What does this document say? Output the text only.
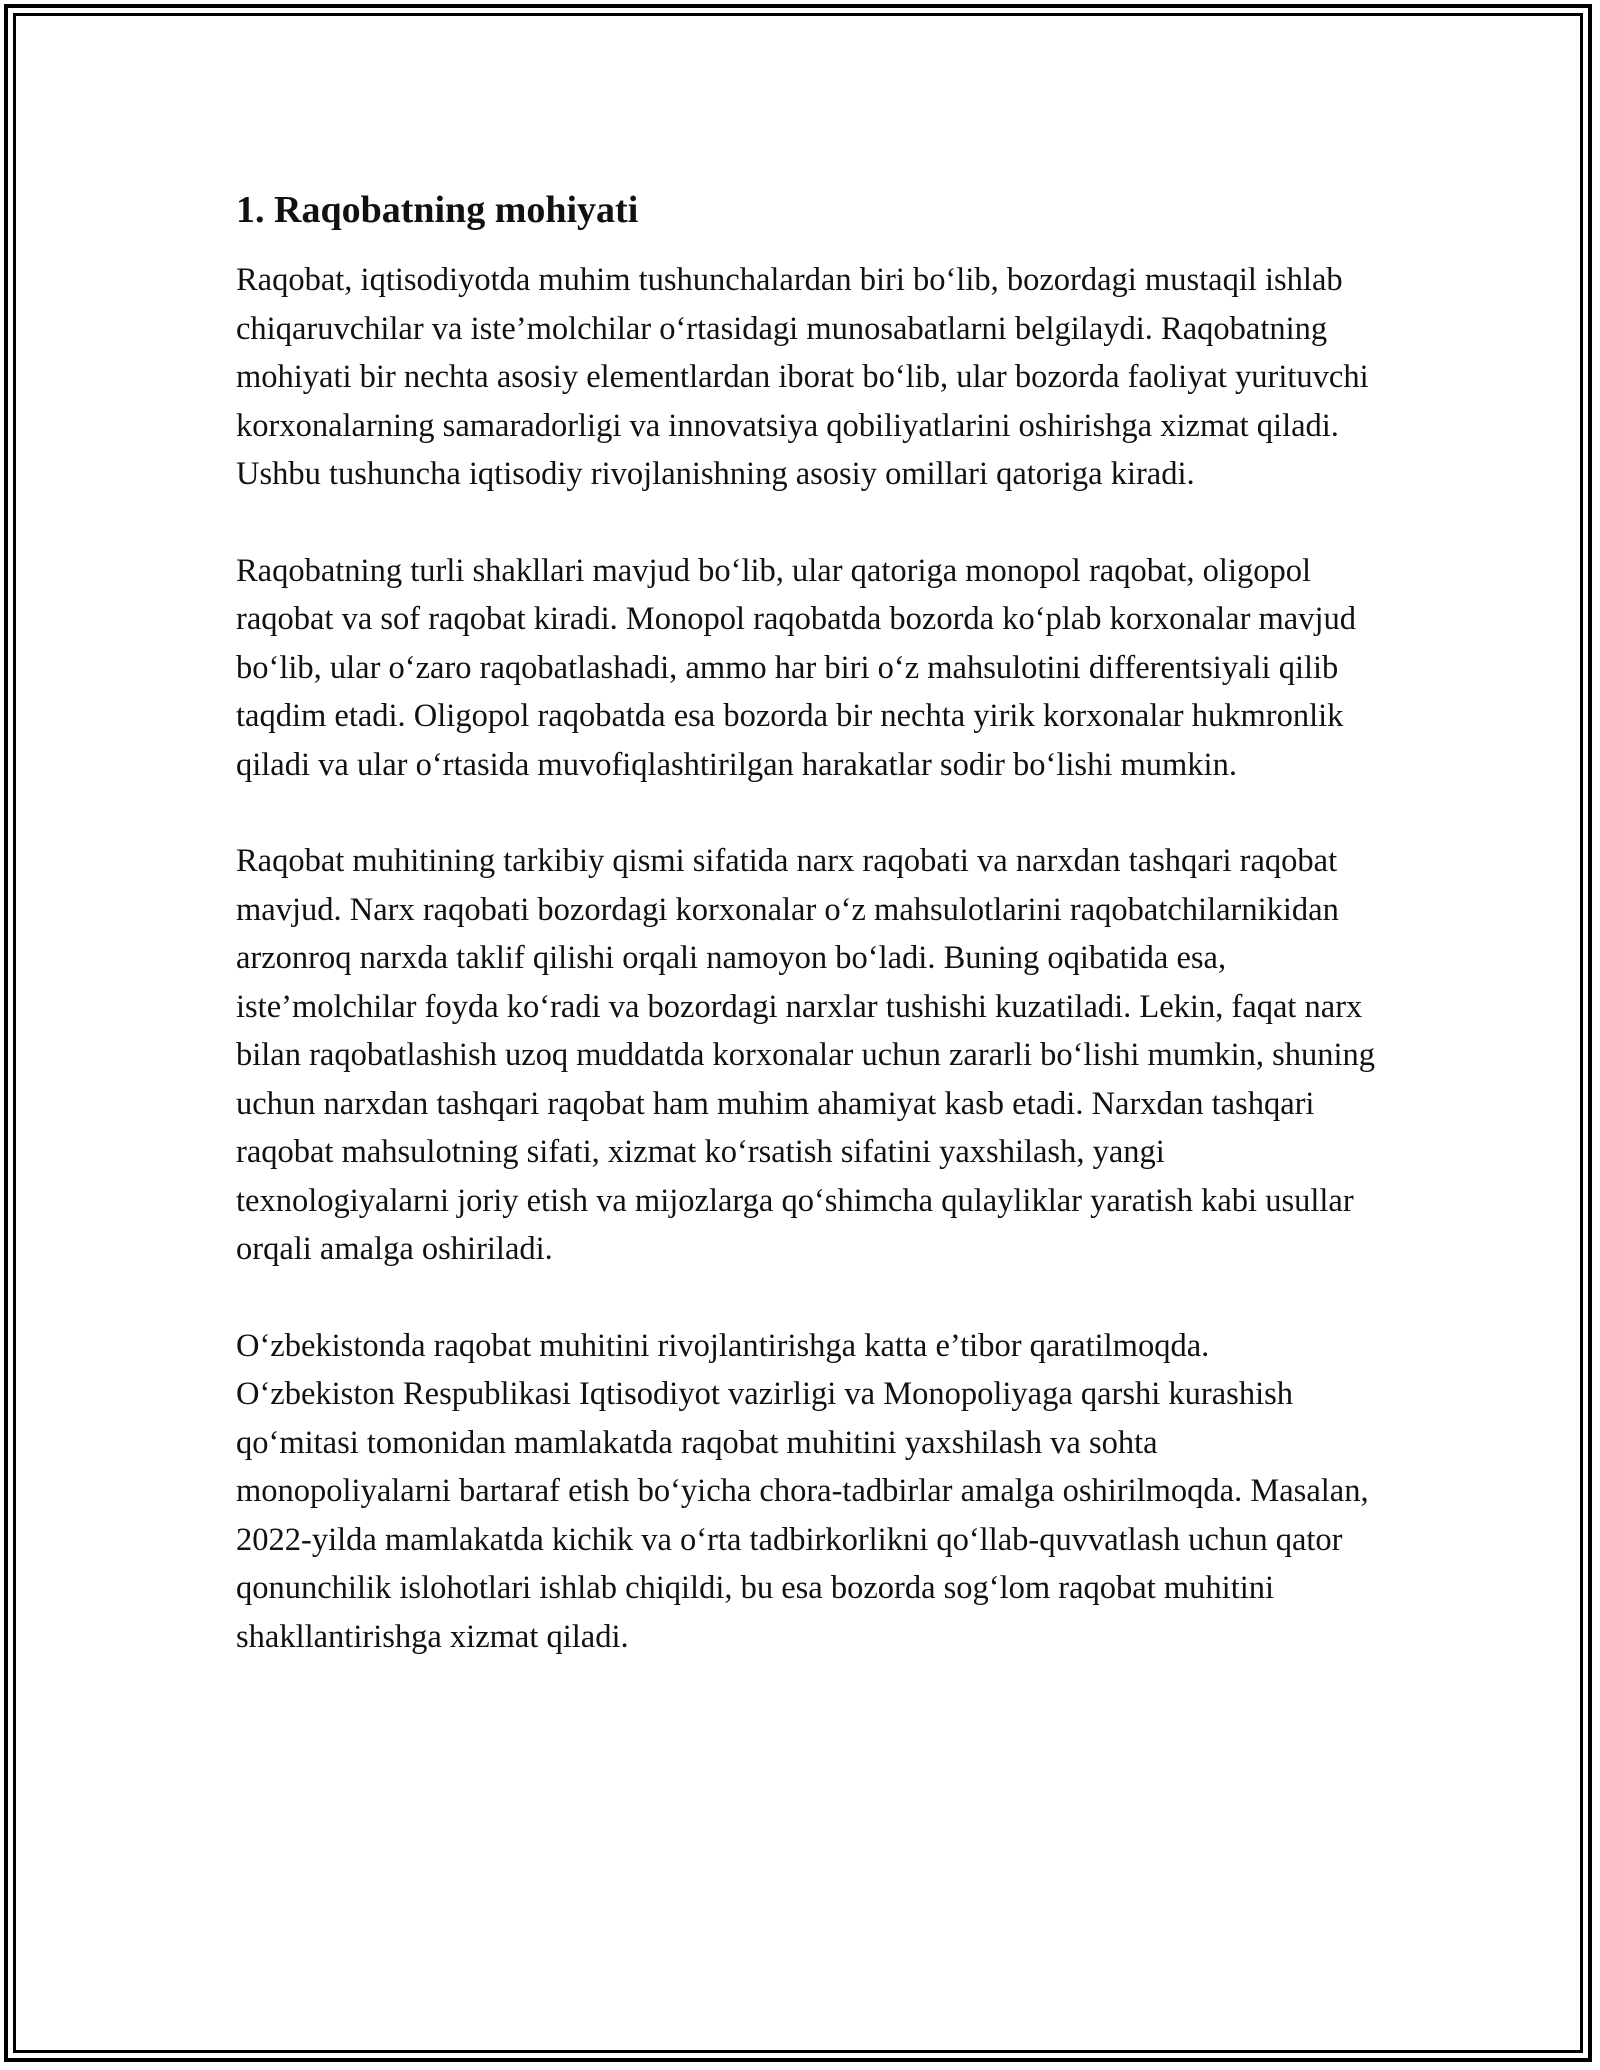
1. Raqobatning mohiyati

Raqobat, iqtisodiyotda muhim tushunchalardan biri bo‘lib, bozordagi mustaqil ishlab chiqaruvchilar va iste’molchilar o‘rtasidagi munosabatlarni belgilaydi. Raqobatning mohiyati bir nechta asosiy elementlardan iborat bo‘lib, ular bozorda faoliyat yurituvchi korxonalarning samaradorligi va innovatsiya qobiliyatlarini oshirishga xizmat qiladi. Ushbu tushuncha iqtisodiy rivojlanishning asosiy omillari qatoriga kiradi.

Raqobatning turli shakllari mavjud bo‘lib, ular qatoriga monopol raqobat, oligopol raqobat va sof raqobat kiradi. Monopol raqobatda bozorda ko‘plab korxonalar mavjud bo‘lib, ular o‘zaro raqobatlashadi, ammo har biri o‘z mahsulotini differentsiyali qilib taqdim etadi. Oligopol raqobatda esa bozorda bir nechta yirik korxonalar hukmronlik qiladi va ular o‘rtasida muvofiqlashtirilgan harakatlar sodir bo‘lishi mumkin.

Raqobat muhitining tarkibiy qismi sifatida narx raqobati va narxdan tashqari raqobat mavjud. Narx raqobati bozordagi korxonalar o‘z mahsulotlarini raqobatchilarnikidan arzonroq narxda taklif qilishi orqali namoyon bo‘ladi. Buning oqibatida esa, iste’molchilar foyda ko‘radi va bozordagi narxlar tushishi kuzatiladi. Lekin, faqat narx bilan raqobatlashish uzoq muddatda korxonalar uchun zararli bo‘lishi mumkin, shuning uchun narxdan tashqari raqobat ham muhim ahamiyat kasb etadi. Narxdan tashqari raqobat mahsulotning sifati, xizmat ko‘rsatish sifatini yaxshilash, yangi texnologiyalarni joriy etish va mijozlarga qo‘shimcha qulayliklar yaratish kabi usullar orqali amalga oshiriladi.

O‘zbekistonda raqobat muhitini rivojlantirishga katta e’tibor qaratilmoqda. O‘zbekiston Respublikasi Iqtisodiyot vazirligi va Monopoliyaga qarshi kurashish qo‘mitasi tomonidan mamlakatda raqobat muhitini yaxshilash va sohta monopoliyalarni bartaraf etish bo‘yicha chora-tadbirlar amalga oshirilmoqda. Masalan, 2022-yilda mamlakatda kichik va o‘rta tadbirkorlikni qo‘llab-quvvatlash uchun qator qonunchilik islohotlari ishlab chiqildi, bu esa bozorda sog‘lom raqobat muhitini shakllantirishga xizmat qiladi.
